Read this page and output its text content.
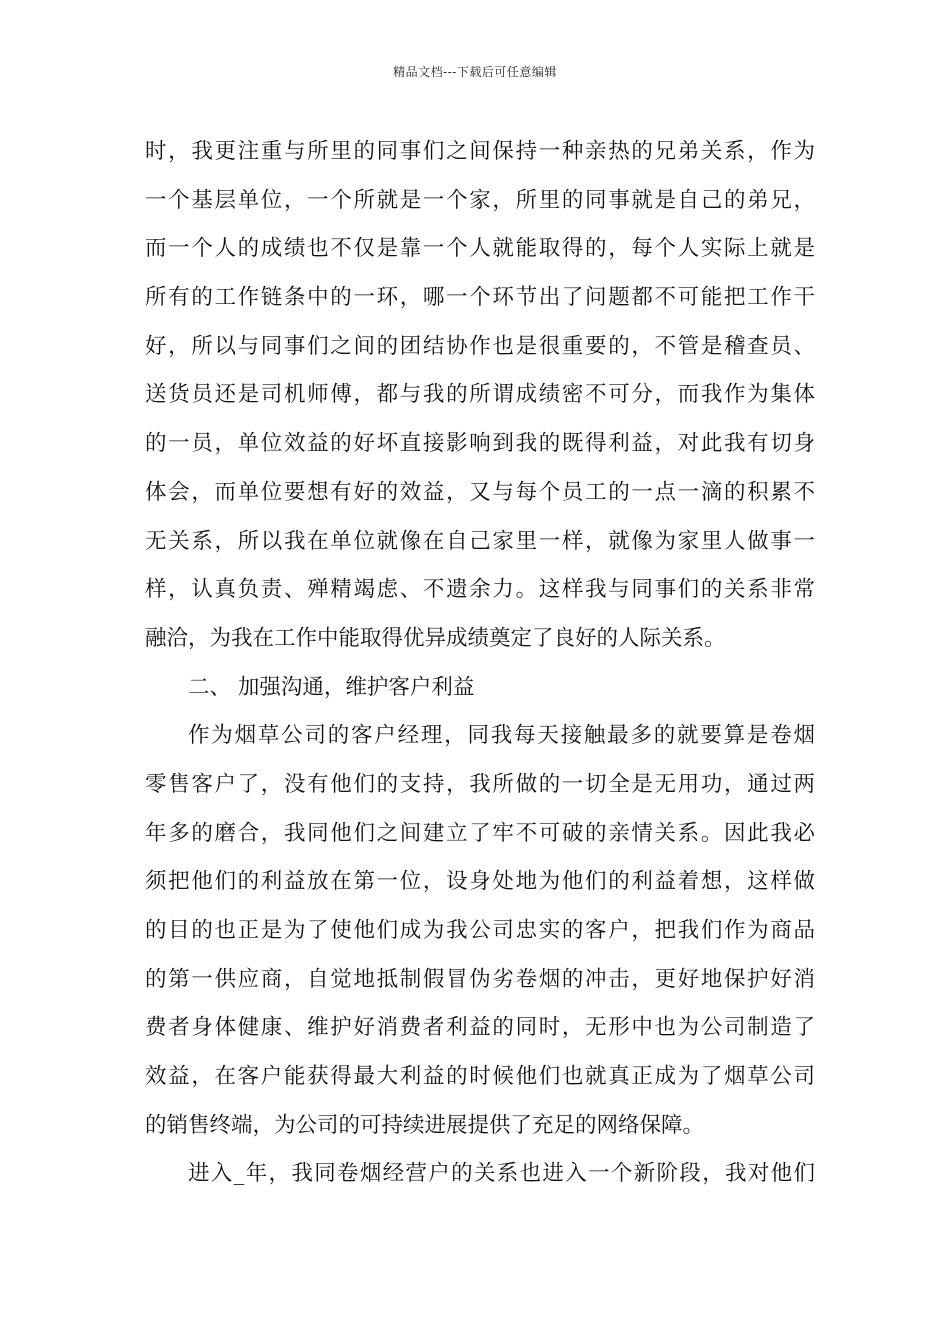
精品文档---下载后可任意编辑
时，我更注重与所里的同事们之间保持一种亲热的兄弟关系，作为
一个基层单位，一个所就是一个家，所里的同事就是自己的弟兄，
而一个人的成绩也不仅是靠一个人就能取得的，每个人实际上就是
所有的工作链条中的一环，哪一个环节出了问题都不可能把工作干
好，所以与同事们之间的团结协作也是很重要的，不管是稽查员、
送货员还是司机师傅，都与我的所谓成绩密不可分，而我作为集体
的一员，单位效益的好坏直接影响到我的既得利益，对此我有切身
体会，而单位要想有好的效益，又与每个员工的一点一滴的积累不
无关系，所以我在单位就像在自己家里一样，就像为家里人做事一
样，认真负责、殚精竭虑、不遗余力。这样我与同事们的关系非常
融洽，为我在工作中能取得优异成绩奠定了良好的人际关系。
二、 加强沟通，维护客户利益
作为烟草公司的客户经理，同我每天接触最多的就要算是卷烟
零售客户了，没有他们的支持，我所做的一切全是无用功，通过两
年多的磨合，我同他们之间建立了牢不可破的亲情关系。因此我必
须把他们的利益放在第一位，设身处地为他们的利益着想，这样做
的目的也正是为了使他们成为我公司忠实的客户，把我们作为商品
的第一供应商，自觉地抵制假冒伪劣卷烟的冲击，更好地保护好消
费者身体健康、维护好消费者利益的同时，无形中也为公司制造了
效益，在客户能获得最大利益的时候他们也就真正成为了烟草公司
的销售终端，为公司的可持续进展提供了充足的网络保障。
进入_年，我同卷烟经营户的关系也进入一个新阶段，我对他们
